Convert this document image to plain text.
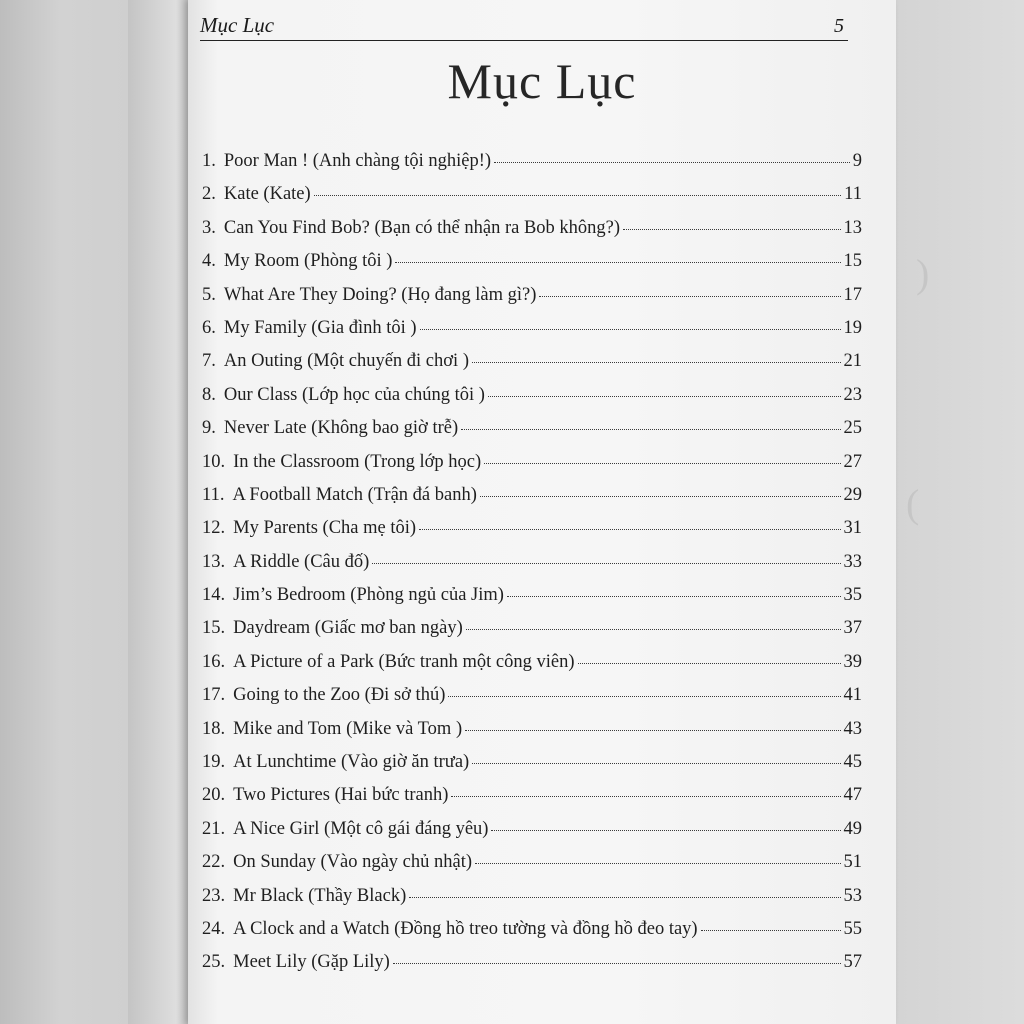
)
(
Mục Lục	5
Mục Lục
1. Poor Man ! (Anh chàng tội nghiệp!)	9
2. Kate (Kate)	11
3. Can You Find Bob? (Bạn có thể nhận ra Bob không?)	13
4. My Room (Phòng tôi )	15
5. What Are They Doing? (Họ đang làm gì?)	17
6. My Family (Gia đình tôi )	19
7. An Outing (Một chuyến đi chơi )	21
8. Our Class (Lớp học của chúng tôi )	23
9. Never Late (Không bao giờ trễ)	25
10. In the Classroom (Trong lớp học)	27
11. A Football Match (Trận đá banh)	29
12. My Parents (Cha mẹ tôi)	31
13. A Riddle (Câu đố)	33
14. Jim’s Bedroom (Phòng ngủ của Jim)	35
15. Daydream (Giấc mơ ban ngày)	37
16. A Picture of a Park (Bức tranh một công viên)	39
17. Going to the Zoo (Đi sở thú)	41
18. Mike and Tom (Mike và Tom )	43
19. At Lunchtime (Vào giờ ăn trưa)	45
20. Two Pictures (Hai bức tranh)	47
21. A Nice Girl (Một cô gái đáng yêu)	49
22. On Sunday (Vào ngày chủ nhật)	51
23. Mr Black (Thầy Black)	53
24. A Clock and a Watch (Đồng hồ treo tường và đồng hồ đeo tay)	55
25. Meet Lily (Gặp Lily)	57
